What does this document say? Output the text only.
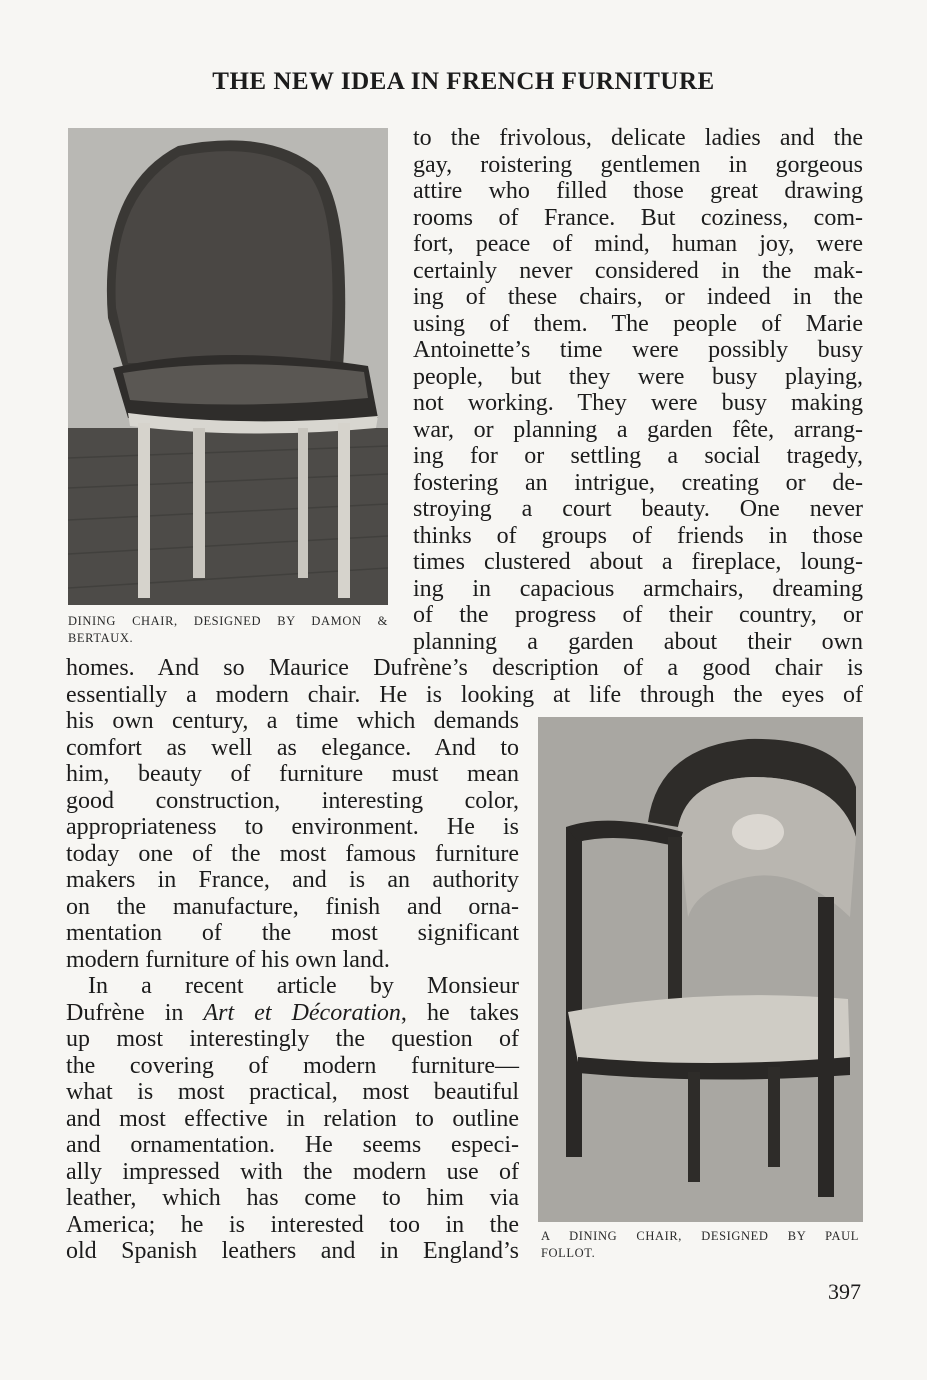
THE NEW IDEA IN FRENCH FURNITURE
DINING CHAIR, DESIGNED BY DAMON &
BERTAUX.
to the frivolous, delicate ladies and the
gay, roistering gentlemen in gorgeous
attire who filled those great drawing
rooms of France. But coziness, com-
fort, peace of mind, human joy, were
certainly never considered in the mak-
ing of these chairs, or indeed in the
using of them. The people of Marie
Antoinette’s time were possibly busy
people, but they were busy playing,
not working. They were busy making
war, or planning a garden fête, arrang-
ing for or settling a social tragedy,
fostering an intrigue, creating or de-
stroying a court beauty. One never
thinks of groups of friends in those
times clustered about a fireplace, loung-
ing in capacious armchairs, dreaming
of the progress of their country, or
planning a garden about their own
homes. And so Maurice Dufrène’s description of a good chair is
essentially a modern chair. He is looking at life through the eyes of
his own century, a time which demands
comfort as well as elegance. And to
him, beauty of furniture must mean
good construction, interesting color,
appropriateness to environment. He is
today one of the most famous furniture
makers in France, and is an authority
on the manufacture, finish and orna-
mentation of the most significant
modern furniture of his own land.
In a recent article by Monsieur
Dufrène in Art et Décoration, he takes
up most interestingly the question of
the covering of modern furniture—
what is most practical, most beautiful
and most effective in relation to outline
and ornamentation. He seems especi-
ally impressed with the modern use of
leather, which has come to him via
America; he is interested too in the
old Spanish leathers and in England’s
A DINING CHAIR, DESIGNED BY PAUL
FOLLOT.
397
